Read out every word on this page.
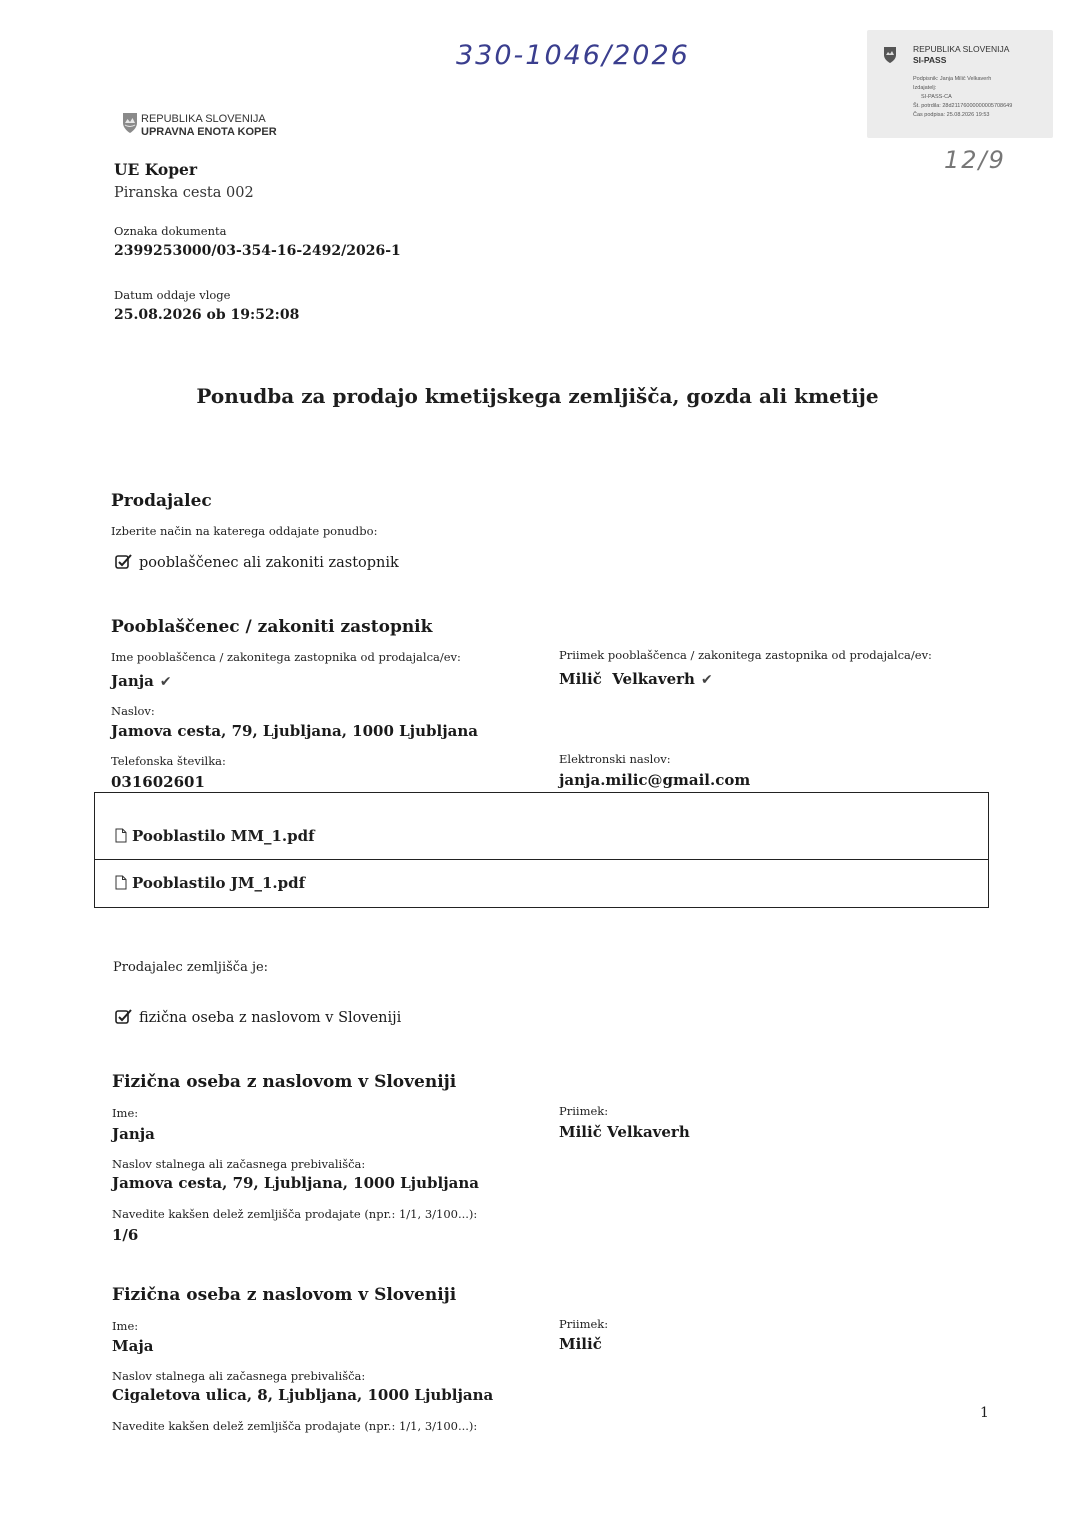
330-1046/2026
12/9
REPUBLIKA SLOVENIJA
SI-PASS
Podpisnik: Janja Milič Velkaverh
Izdajatelj:
SI-PASS-CA
Št. potrdila: 28d21176000000005708649
Čas podpisa: 25.08.2026 19:53
REPUBLIKA SLOVENIJA
UPRAVNA ENOTA KOPER
UE Koper
Piranska cesta 002
Oznaka dokumenta
2399253000/03-354-16-2492/2026-1
Datum oddaje vloge
25.08.2026 ob 19:52:08
Ponudba za prodajo kmetijskega zemljišča, gozda ali kmetije
Prodajalec
Izberite način na katerega oddajate ponudbo:
pooblaščenec ali zakoniti zastopnik
Pooblaščenec / zakoniti zastopnik
Ime pooblaščenca / zakonitega zastopnika od prodajalca/ev:
Janja ✔
Priimek pooblaščenca / zakonitega zastopnika od prodajalca/ev:
Milič  Velkaverh ✔
Naslov:
Jamova cesta, 79, Ljubljana, 1000 Ljubljana
Telefonska številka:
031602601
Elektronski naslov:
janja.milic@gmail.com
Pooblastilo MM_1.pdf
Pooblastilo JM_1.pdf
Prodajalec zemljišča je:
fizična oseba z naslovom v Sloveniji
Fizična oseba z naslovom v Sloveniji
Ime:
Janja
Priimek:
Milič Velkaverh
Naslov stalnega ali začasnega prebivališča:
Jamova cesta, 79, Ljubljana, 1000 Ljubljana
Navedite kakšen delež zemljišča prodajate (npr.: 1/1, 3/100...):
1/6
Fizična oseba z naslovom v Sloveniji
Ime:
Maja
Priimek:
Milič
Naslov stalnega ali začasnega prebivališča:
Cigaletova ulica, 8, Ljubljana, 1000 Ljubljana
Navedite kakšen delež zemljišča prodajate (npr.: 1/1, 3/100...):
1
